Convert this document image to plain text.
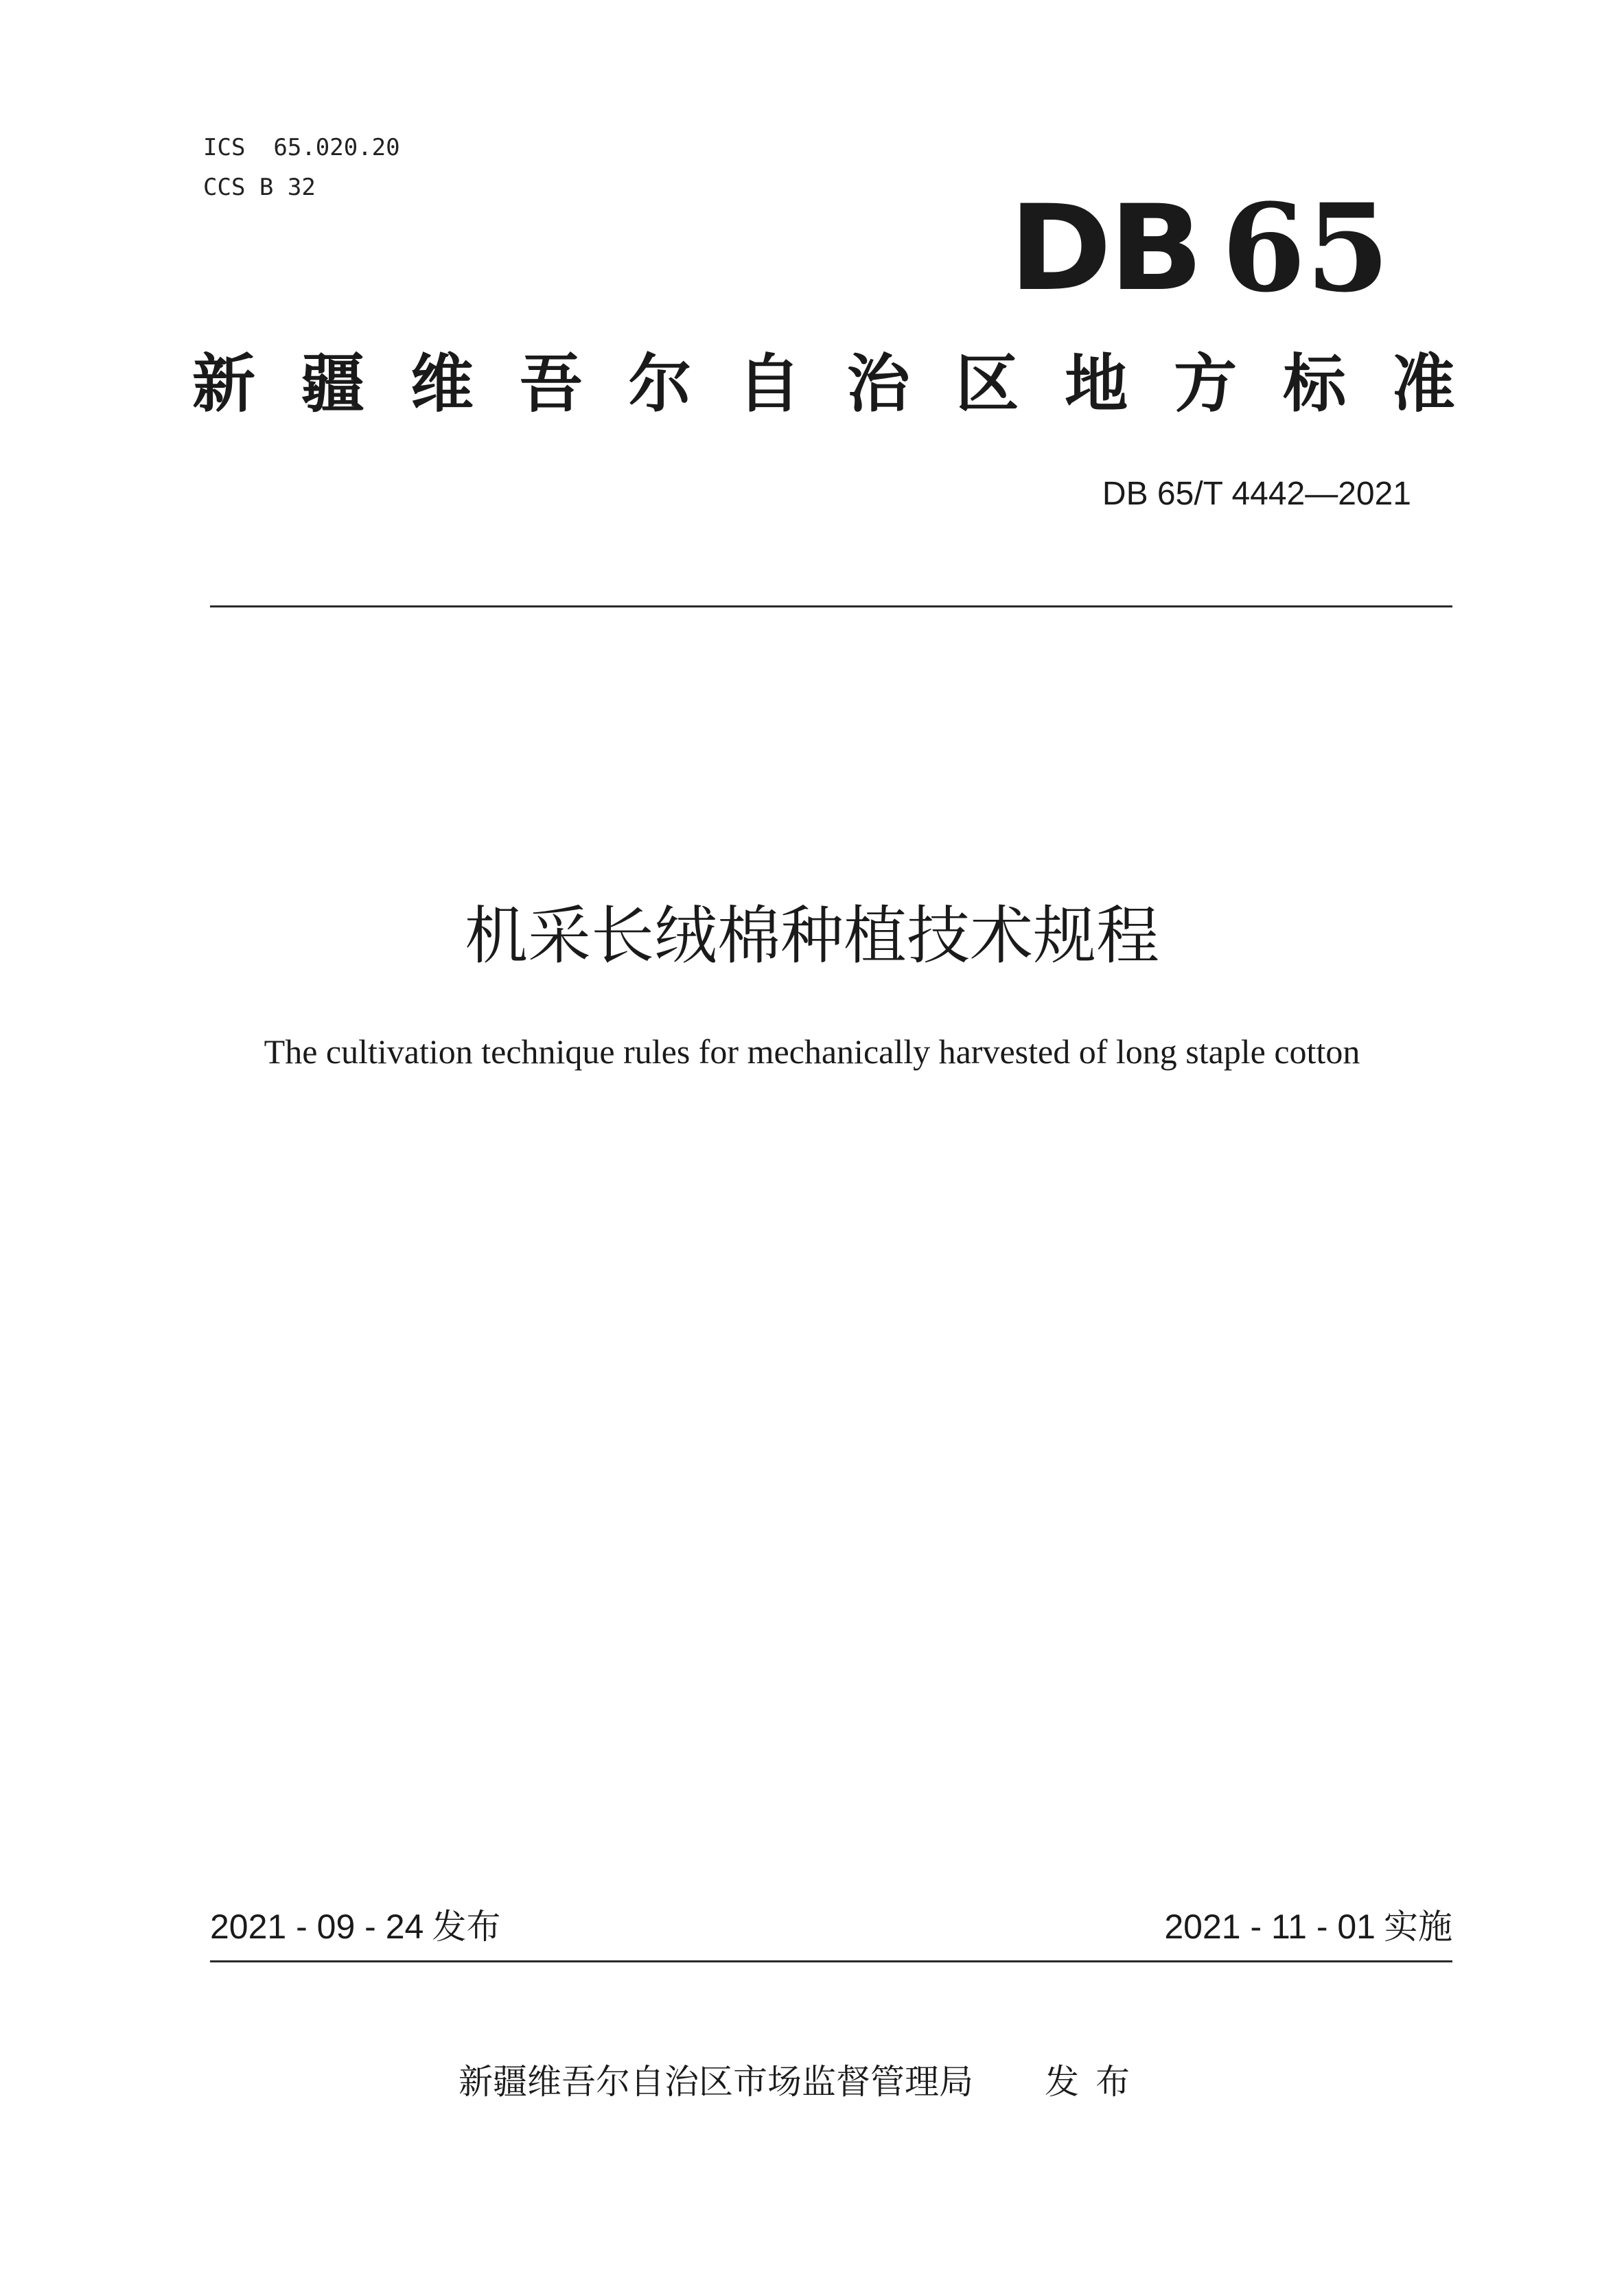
ICS 65.020.20
CCS B 32	DB 65
新 疆 维 吾 尔 自 治 区 地 方 标 准
DB 65/T 4442—2021
机采长绒棉种植技术规程
The cultivation technique rules for mechanically harvested of long staple cotton
2021 - 09 - 24 发布	2021 - 11 - 01 实施
新疆维吾尔自治区市场监督管理局 发布
